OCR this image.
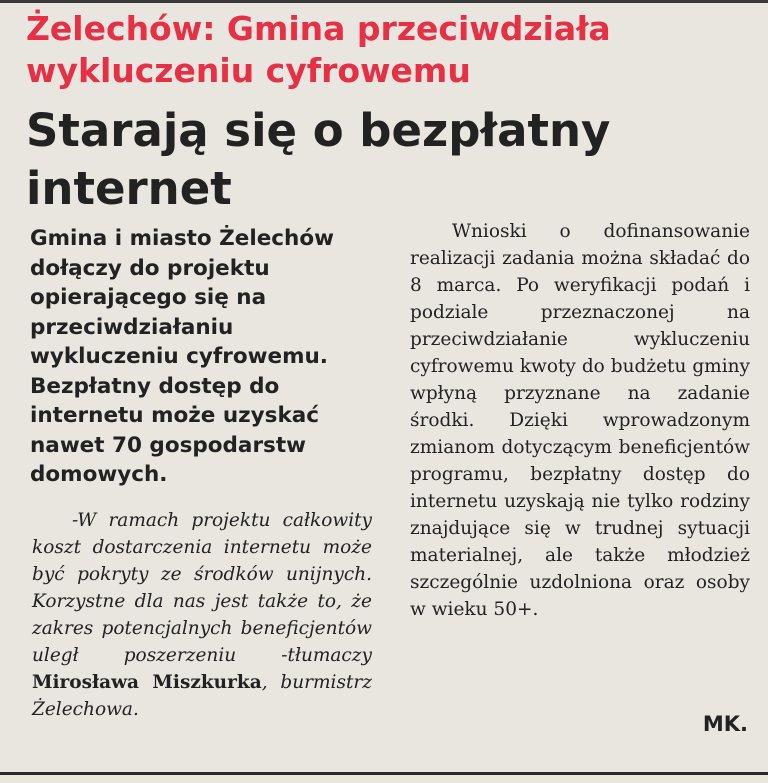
Żelechów: Gmina przeciwdziała wykluczeniu cyfrowemu
Starają się o bezpłatny internet

Gmina i miasto Żelechów dołączy do projektu opierającego się na przeciwdziałaniu wykluczeniu cyfrowemu. Bezpłatny dostęp do internetu może uzyskać nawet 70 gospodarstw domowych.

-W ramach projektu całkowity koszt dostarczenia internetu może być pokryty ze środków unijnych. Korzystne dla nas jest także to, że zakres potencjalnych beneficjentów uległ poszerzeniu -tłumaczy Mirosława Miszkurka, burmistrz Żelechowa.

Wnioski o dofinansowanie realizacji zadania można składać do 8 marca. Po weryfikacji podań i podziale przeznaczonej na przeciwdziałanie wykluczeniu cyfrowemu kwoty do budżetu gminy wpłyną przyznane na zadanie środki. Dzięki wprowadzonym zmianom dotyczącym beneficjentów programu, bezpłatny dostęp do internetu uzyskają nie tylko rodziny znajdujące się w trudnej sytuacji materialnej, ale także młodzież szczególnie uzdolniona oraz osoby w wieku 50+.

MK.
